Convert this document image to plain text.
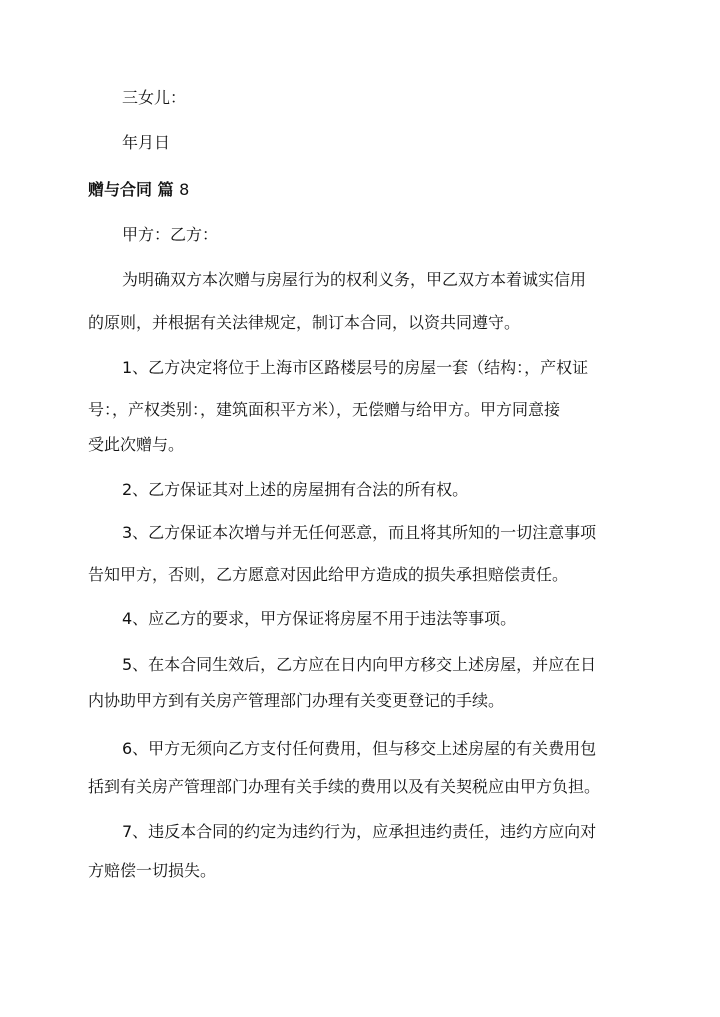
三女儿：
年月日
赠与合同 篇 8
甲方：乙方：
为明确双方本次赠与房屋行为的权利义务，甲乙双方本着诚实信用
的原则，并根据有关法律规定，制订本合同，以资共同遵守。
1、乙方决定将位于上海市区路楼层号的房屋一套（结构：，产权证
号：，产权类别：，建筑面积平方米），无偿赠与给甲方。甲方同意接
受此次赠与。
2、乙方保证其对上述的房屋拥有合法的所有权。
3、乙方保证本次增与并无任何恶意，而且将其所知的一切注意事项
告知甲方，否则，乙方愿意对因此给甲方造成的损失承担赔偿责任。
4、应乙方的要求，甲方保证将房屋不用于违法等事项。
5、在本合同生效后，乙方应在日内向甲方移交上述房屋，并应在日
内协助甲方到有关房产管理部门办理有关变更登记的手续。
6、甲方无须向乙方支付任何费用，但与移交上述房屋的有关费用包
括到有关房产管理部门办理有关手续的费用以及有关契税应由甲方负担。
7、违反本合同的约定为违约行为，应承担违约责任，违约方应向对
方赔偿一切损失。
